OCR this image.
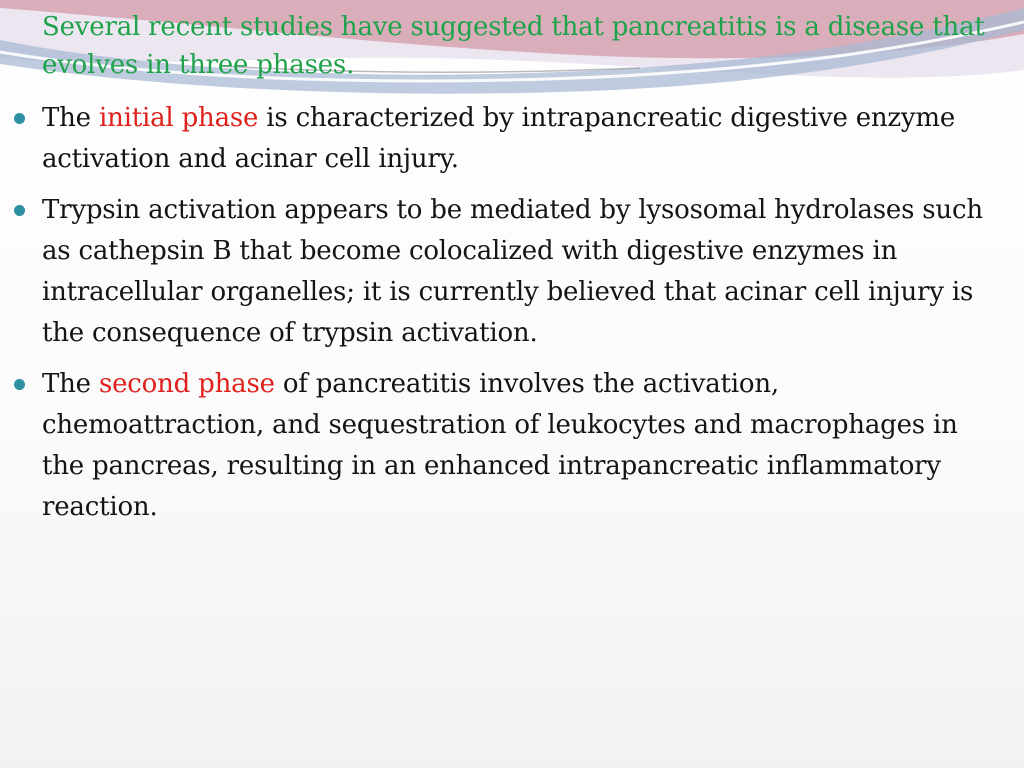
Several recent studies have suggested that pancreatitis is a disease that evolves in three phases.

The initial phase is characterized by intrapancreatic digestive enzyme activation and acinar cell injury.
Trypsin activation appears to be mediated by lysosomal hydrolases such as cathepsin B that become colocalized with digestive enzymes in intracellular organelles; it is currently believed that acinar cell injury is the consequence of trypsin activation.
The second phase of pancreatitis involves the activation, chemoattraction, and sequestration of leukocytes and macrophages in the pancreas, resulting in an enhanced intrapancreatic inflammatory reaction.
